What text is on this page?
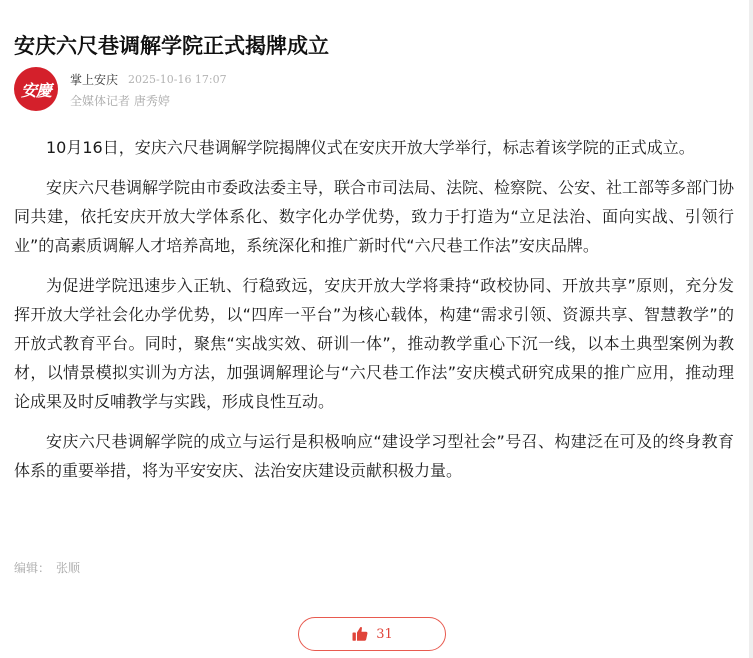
安庆六尺巷调解学院正式揭牌成立
安慶
掌上安庆 2025-10-16 17:07
全媒体记者 唐秀婷

10月16日，安庆六尺巷调解学院揭牌仪式在安庆开放大学举行，标志着该学院的正式成立。

安庆六尺巷调解学院由市委政法委主导，联合市司法局、法院、检察院、公安、社工部等多部门协同共建，依托安庆开放大学体系化、数字化办学优势，致力于打造为“立足法治、面向实战、引领行业”的高素质调解人才培养高地，系统深化和推广新时代“六尺巷工作法”安庆品牌。

为促进学院迅速步入正轨、行稳致远，安庆开放大学将秉持“政校协同、开放共享”原则，充分发挥开放大学社会化办学优势，以“四库一平台”为核心载体，构建“需求引领、资源共享、智慧教学”的开放式教育平台。同时，聚焦“实战实效、研训一体”，推动教学重心下沉一线，以本土典型案例为教材，以情景模拟实训为方法，加强调解理论与“六尺巷工作法”安庆模式研究成果的推广应用，推动理论成果及时反哺教学与实践，形成良性互动。

安庆六尺巷调解学院的成立与运行是积极响应“建设学习型社会”号召、构建泛在可及的终身教育体系的重要举措，将为平安安庆、法治安庆建设贡献积极力量。

编辑： 张顺
31
